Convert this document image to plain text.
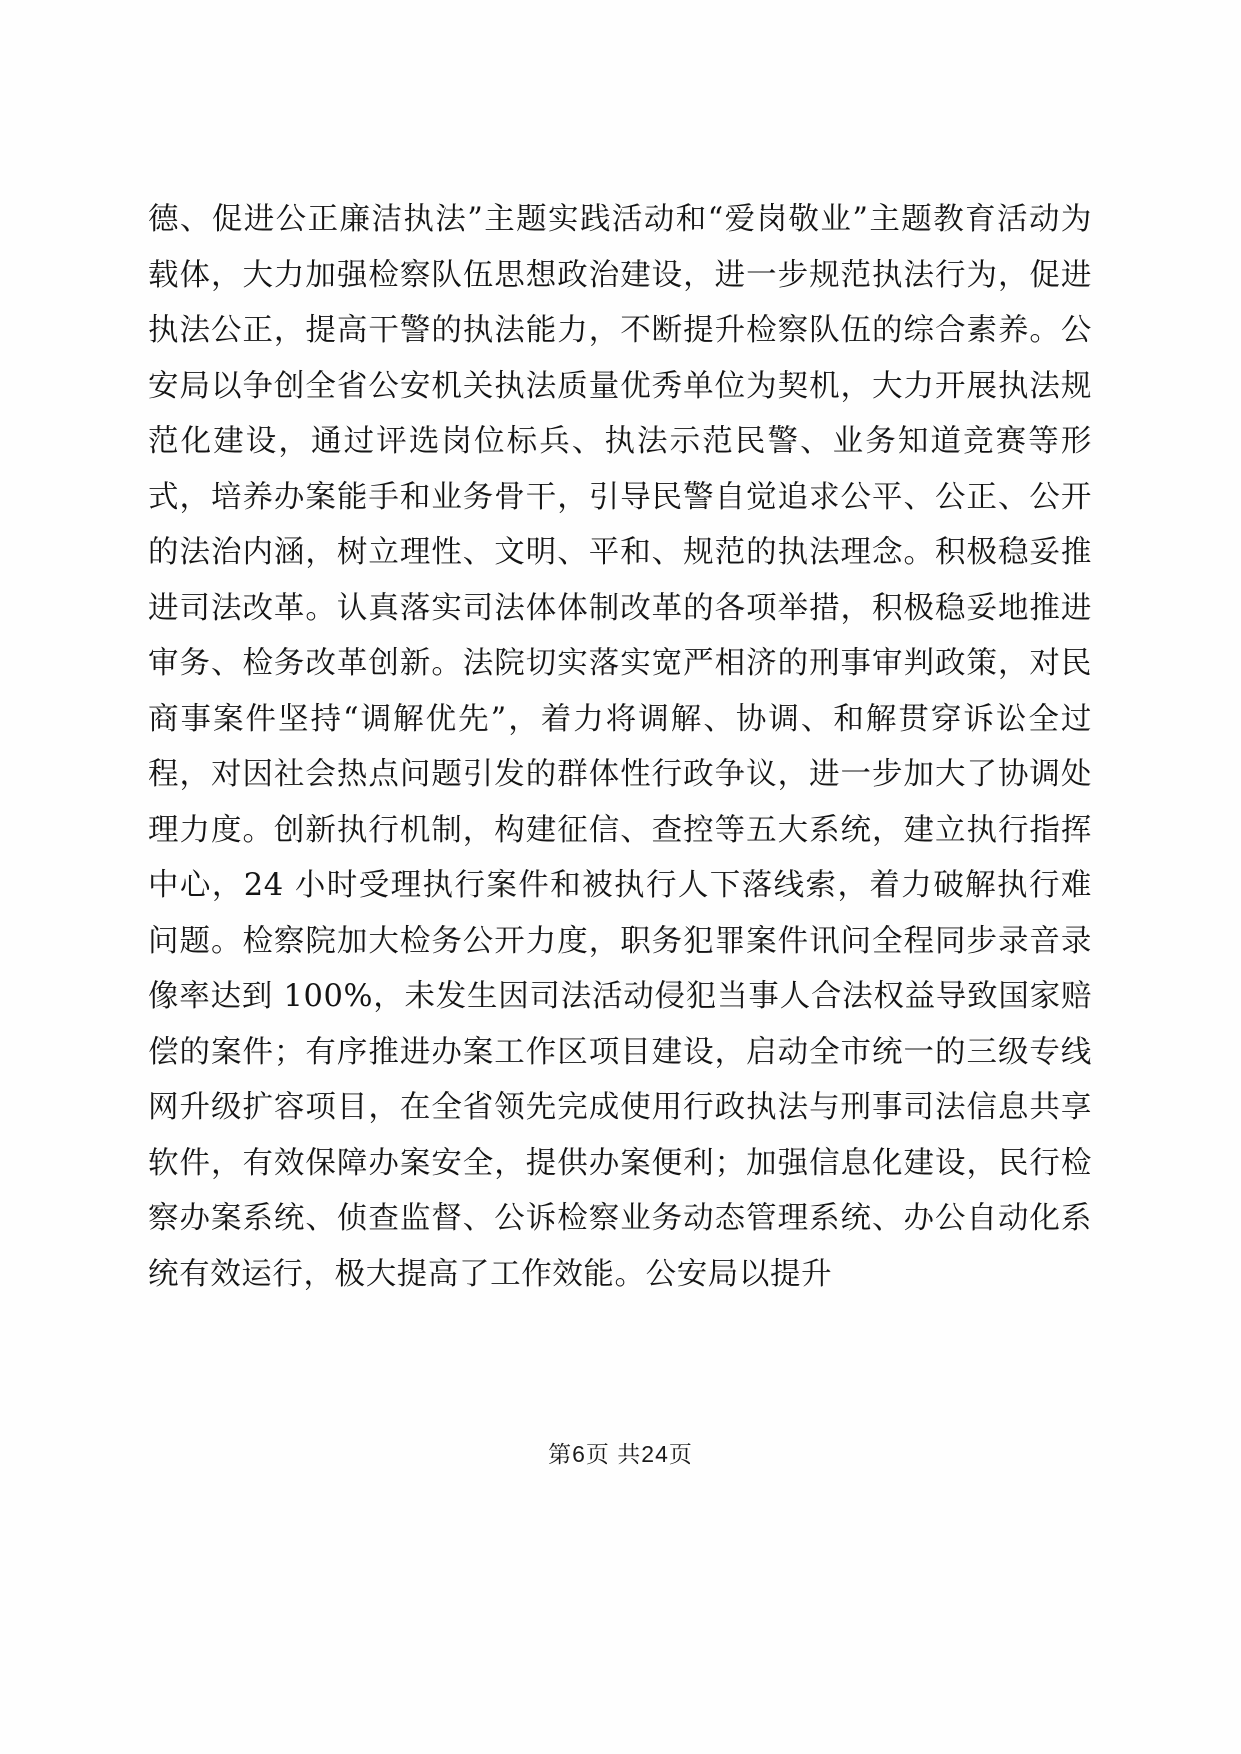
德、促进公正廉洁执法”主题实践活动和“爱岗敬业”主题教育活动为载体，大力加强检察队伍思想政治建设，进一步规范执法行为，促进执法公正，提高干警的执法能力，不断提升检察队伍的综合素养。公安局以争创全省公安机关执法质量优秀单位为契机，大力开展执法规范化建设，通过评选岗位标兵、执法示范民警、业务知道竞赛等形式，培养办案能手和业务骨干，引导民警自觉追求公平、公正、公开的法治内涵，树立理性、文明、平和、规范的执法理念。积极稳妥推进司法改革。认真落实司法体体制改革的各项举措，积极稳妥地推进审务、检务改革创新。法院切实落实宽严相济的刑事审判政策，对民商事案件坚持“调解优先”，着力将调解、协调、和解贯穿诉讼全过程，对因社会热点问题引发的群体性行政争议，进一步加大了协调处理力度。创新执行机制，构建征信、查控等五大系统，建立执行指挥中心，24 小时受理执行案件和被执行人下落线索，着力破解执行难问题。检察院加大检务公开力度，职务犯罪案件讯问全程同步录音录像率达到 100%，未发生因司法活动侵犯当事人合法权益导致国家赔偿的案件；有序推进办案工作区项目建设，启动全市统一的三级专线网升级扩容项目，在全省领先完成使用行政执法与刑事司法信息共享软件，有效保障办案安全，提供办案便利；加强信息化建设，民行检察办案系统、侦查监督、公诉检察业务动态管理系统、办公自动化系统有效运行，极大提高了工作效能。公安局以提升
第6页 共24页
